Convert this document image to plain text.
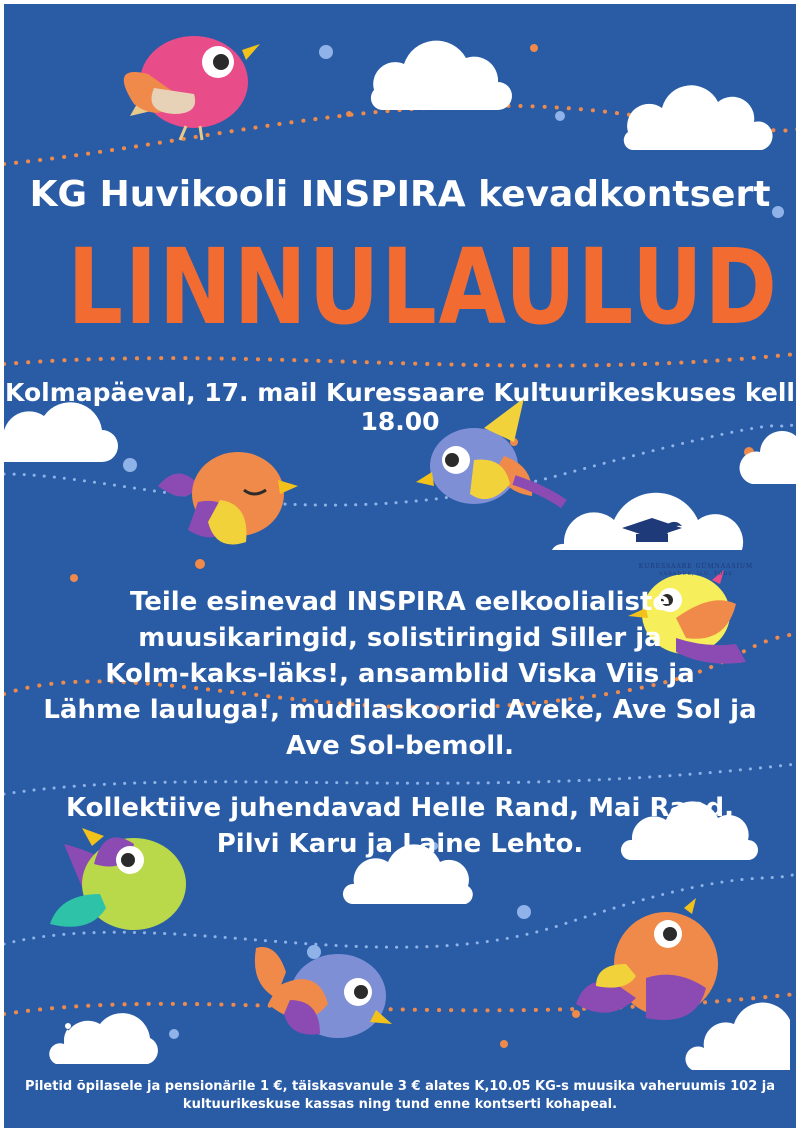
KURESSAARE GÜMNAASIUM
VABADUS, ILU, TÕDE
INSPIRA
KG Huvikooli INSPIRA kevadkontsert
LINNULAULUD
Kolmapäeval, 17. mail Kuressaare Kultuurikeskuses kell 18.00
Teile esinevad INSPIRA eelkoolialiste
muusikaringid, solistiringid Siller ja
Kolm-kaks-läks!, ansamblid Viska Viis ja
Lähme lauluga!, mudilaskoorid Aveke, Ave Sol ja
Ave Sol-bemoll.
Kollektiive juhendavad Helle Rand, Mai Rand,
Pilvi Karu ja Laine Lehto.
Piletid õpilasele ja pensionärile 1 €, täiskasvanule 3 € alates K,10.05 KG-s muusika vaheruumis 102 ja
kultuurikeskuse kassas ning tund enne kontserti kohapeal.
